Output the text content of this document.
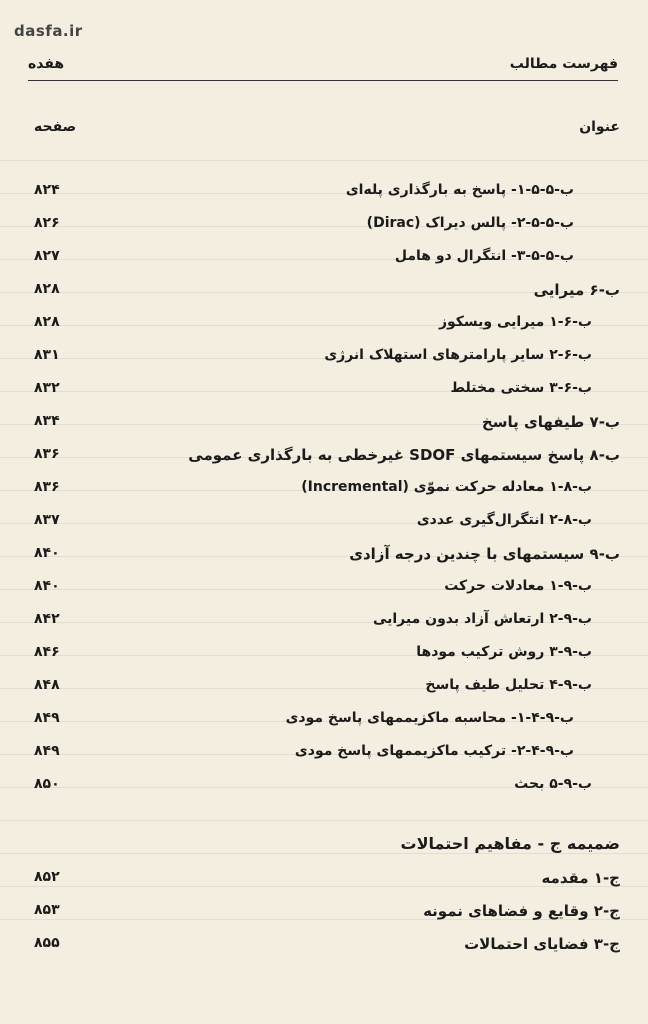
dasfa.ir
فهرست مطالب
هفده
صفحه	عنوان
ب-۵-۵-۱- پاسخ به بارگذاری پله‌ای
۸۲۴
ب-۵-۵-۲- پالس دیراک (Dirac)
۸۲۶
ب-۵-۵-۳- انتگرال دو هامل
۸۲۷
ب-۶ میرایی
۸۲۸
ب-۶-۱ میرایی ویسکوز
۸۲۸
ب-۶-۲ سایر پارامترهای استهلاک انرژی
۸۳۱
ب-۶-۳ سختی مختلط
۸۳۲
ب-۷ طیفهای پاسخ
۸۳۴
ب-۸ پاسخ سیستمهای SDOF غیرخطی به بارگذاری عمومی
۸۳۶
ب-۸-۱ معادله حرکت نموّی (Incremental)
۸۳۶
ب-۸-۲ انتگرال‌گیری عددی
۸۳۷
ب-۹ سیستمهای با چندین درجه آزادی
۸۴۰
ب-۹-۱ معادلات حرکت
۸۴۰
ب-۹-۲ ارتعاش آزاد بدون میرایی
۸۴۲
ب-۹-۳ روش ترکیب مودها
۸۴۶
ب-۹-۴ تحلیل طیف پاسخ
۸۴۸
ب-۹-۴-۱- محاسبه ماکزیممهای پاسخ مودی
۸۴۹
ب-۹-۴-۲- ترکیب ماکزیممهای پاسخ مودی
۸۴۹
ب-۹-۵ بحث
۸۵۰
ضمیمه ج - مفاهیم احتمالات
ج-۱ مقدمه
۸۵۲
ج-۲ وقایع و فضاهای نمونه
۸۵۳
ج-۳ فضایای احتمالات
۸۵۵
